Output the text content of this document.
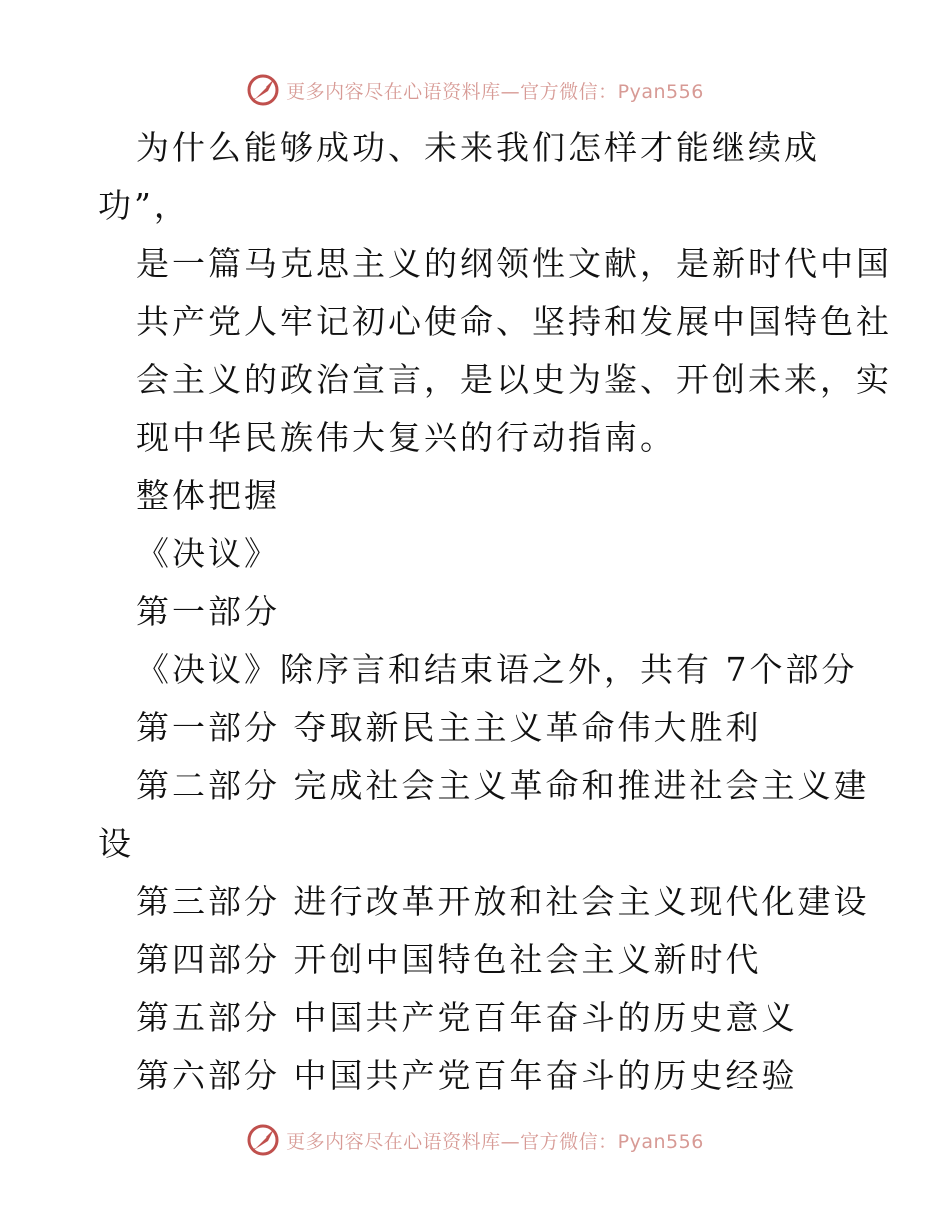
更多内容尽在心语资料库—官方微信：Pyan556
为什么能够成功、未来我们怎样才能继续成
功”，
是一篇马克思主义的纲领性文献，是新时代中国
共产党人牢记初心使命、坚持和发展中国特色社
会主义的政治宣言，是以史为鉴、开创未来，实
现中华民族伟大复兴的行动指南。
整体把握
《决议》
第一部分
《决议》除序言和结束语之外，共有 7个部分
第一部分 夺取新民主主义革命伟大胜利
第二部分 完成社会主义革命和推进社会主义建
设
第三部分 进行改革开放和社会主义现代化建设
第四部分 开创中国特色社会主义新时代
第五部分 中国共产党百年奋斗的历史意义
第六部分 中国共产党百年奋斗的历史经验
更多内容尽在心语资料库—官方微信：Pyan556
